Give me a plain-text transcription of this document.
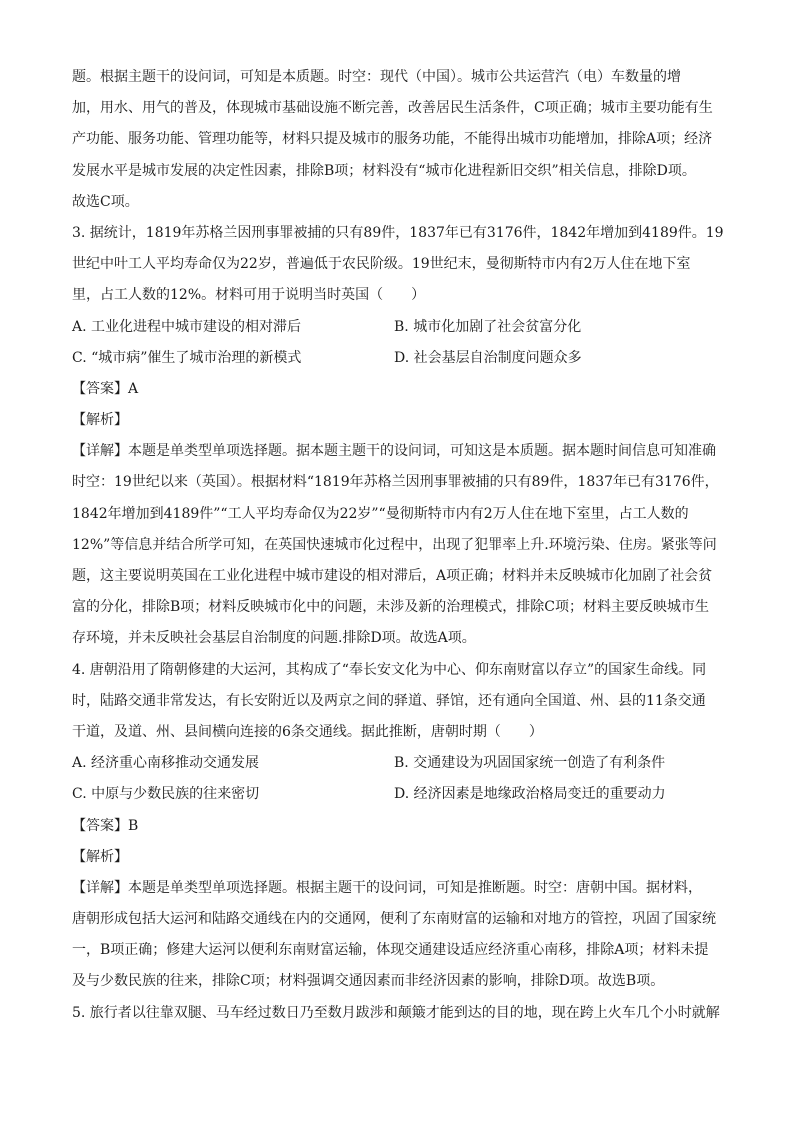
题。根据主题干的设问词，可知是本质题。时空：现代（中国）。城市公共运营汽（电）车数量的增
加，用水、用气的普及，体现城市基础设施不断完善，改善居民生活条件，C项正确；城市主要功能有生
产功能、服务功能、管理功能等，材料只提及城市的服务功能，不能得出城市功能增加，排除A项；经济
发展水平是城市发展的决定性因素，排除B项；材料没有“城市化进程新旧交织”相关信息，排除D项。
故选C项。
3. 据统计，1819年苏格兰因刑事罪被捕的只有89件，1837年已有3176件，1842年增加到4189件。19
世纪中叶工人平均寿命仅为22岁，普遍低于农民阶级。19世纪末，曼彻斯特市内有2万人住在地下室
里，占工人数的12%。材料可用于说明当时英国（　　）
A. 工业化进程中城市建设的相对滞后	B. 城市化加剧了社会贫富分化
C. “城市病”催生了城市治理的新模式	D. 社会基层自治制度问题众多
【答案】A
【解析】
【详解】本题是单类型单项选择题。据本题主题干的设问词，可知这是本质题。据本题时间信息可知准确
时空：19世纪以来（英国）。根据材料“1819年苏格兰因刑事罪被捕的只有89件，1837年已有3176件，
1842年增加到4189件”“工人平均寿命仅为22岁”“曼彻斯特市内有2万人住在地下室里，占工人数的
12%”等信息并结合所学可知，在英国快速城市化过程中，出现了犯罪率上升.环境污染、住房。紧张等问
题，这主要说明英国在工业化进程中城市建设的相对滞后，A项正确；材料并未反映城市化加剧了社会贫
富的分化，排除B项；材料反映城市化中的问题，未涉及新的治理模式，排除C项；材料主要反映城市生
存环境，并未反映社会基层自治制度的问题.排除D项。故选A项。
4. 唐朝沿用了隋朝修建的大运河，其构成了“奉长安文化为中心、仰东南财富以存立”的国家生命线。同
时，陆路交通非常发达，有长安附近以及两京之间的驿道、驿馆，还有通向全国道、州、县的11条交通
干道，及道、州、县间横向连接的6条交通线。据此推断，唐朝时期（　　）
A. 经济重心南移推动交通发展	B. 交通建设为巩固国家统一创造了有利条件
C. 中原与少数民族的往来密切	D. 经济因素是地缘政治格局变迁的重要动力
【答案】B
【解析】
【详解】本题是单类型单项选择题。根据主题干的设问词，可知是推断题。时空：唐朝中国。据材料，
唐朝形成包括大运河和陆路交通线在内的交通网，便利了东南财富的运输和对地方的管控，巩固了国家统
一，B项正确；修建大运河以便利东南财富运输，体现交通建设适应经济重心南移，排除A项；材料未提
及与少数民族的往来，排除C项；材料强调交通因素而非经济因素的影响，排除D项。故选B项。
5. 旅行者以往靠双腿、马车经过数日乃至数月跋涉和颠簸才能到达的目的地，现在跨上火车几个小时就解
